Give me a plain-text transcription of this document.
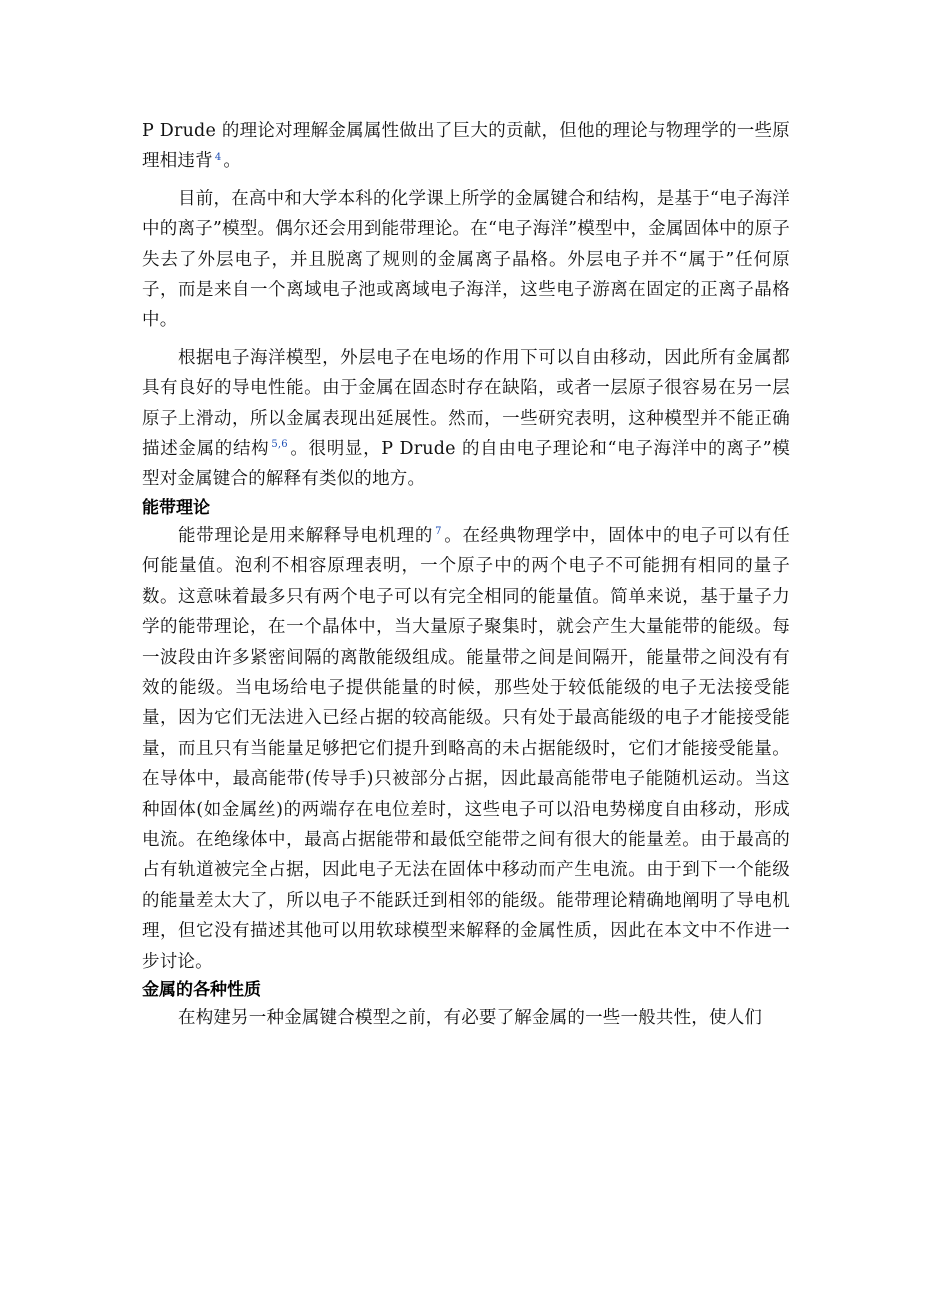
P Drude 的理论对理解金属属性做出了巨大的贡献，但他的理论与物理学的一些原理相违背 $^4$ 。

目前，在高中和大学本科的化学课上所学的金属键合和结构，是基于“电子海洋中的离子”模型。偶尔还会用到能带理论。在“电子海洋”模型中，金属固体中的原子失去了外层电子，并且脱离了规则的金属离子晶格。外层电子并不“属于”任何原子，而是来自一个离域电子池或离域电子海洋，这些电子游离在固定的正离子晶格中。

根据电子海洋模型，外层电子在电场的作用下可以自由移动，因此所有金属都具有良好的导电性能。由于金属在固态时存在缺陷，或者一层原子很容易在另一层原子上滑动，所以金属表现出延展性。然而，一些研究表明，这种模型并不能正确描述金属的结构 $^{5,6}$ 。很明显，P Drude 的自由电子理论和“电子海洋中的离子”模型对金属键合的解释有类似的地方。

能带理论

能带理论是用来解释导电机理的 $^7$ 。在经典物理学中，固体中的电子可以有任何能量值。泡利不相容原理表明，一个原子中的两个电子不可能拥有相同的量子数。这意味着最多只有两个电子可以有完全相同的能量值。简单来说，基于量子力学的能带理论，在一个晶体中，当大量原子聚集时，就会产生大量能带的能级。每一波段由许多紧密间隔的离散能级组成。能量带之间是间隔开，能量带之间没有有效的能级。当电场给电子提供能量的时候，那些处于较低能级的电子无法接受能量，因为它们无法进入已经占据的较高能级。只有处于最高能级的电子才能接受能量，而且只有当能量足够把它们提升到略高的未占据能级时，它们才能接受能量。在导体中，最高能带(传导手)只被部分占据，因此最高能带电子能随机运动。当这种固体(如金属丝)的两端存在电位差时，这些电子可以沿电势梯度自由移动，形成电流。在绝缘体中，最高占据能带和最低空能带之间有很大的能量差。由于最高的占有轨道被完全占据，因此电子无法在固体中移动而产生电流。由于到下一个能级的能量差太大了，所以电子不能跃迁到相邻的能级。能带理论精确地阐明了导电机理，但它没有描述其他可以用软球模型来解释的金属性质，因此在本文中不作进一步讨论。

金属的各种性质

在构建另一种金属键合模型之前，有必要了解金属的一些一般共性，使人们
